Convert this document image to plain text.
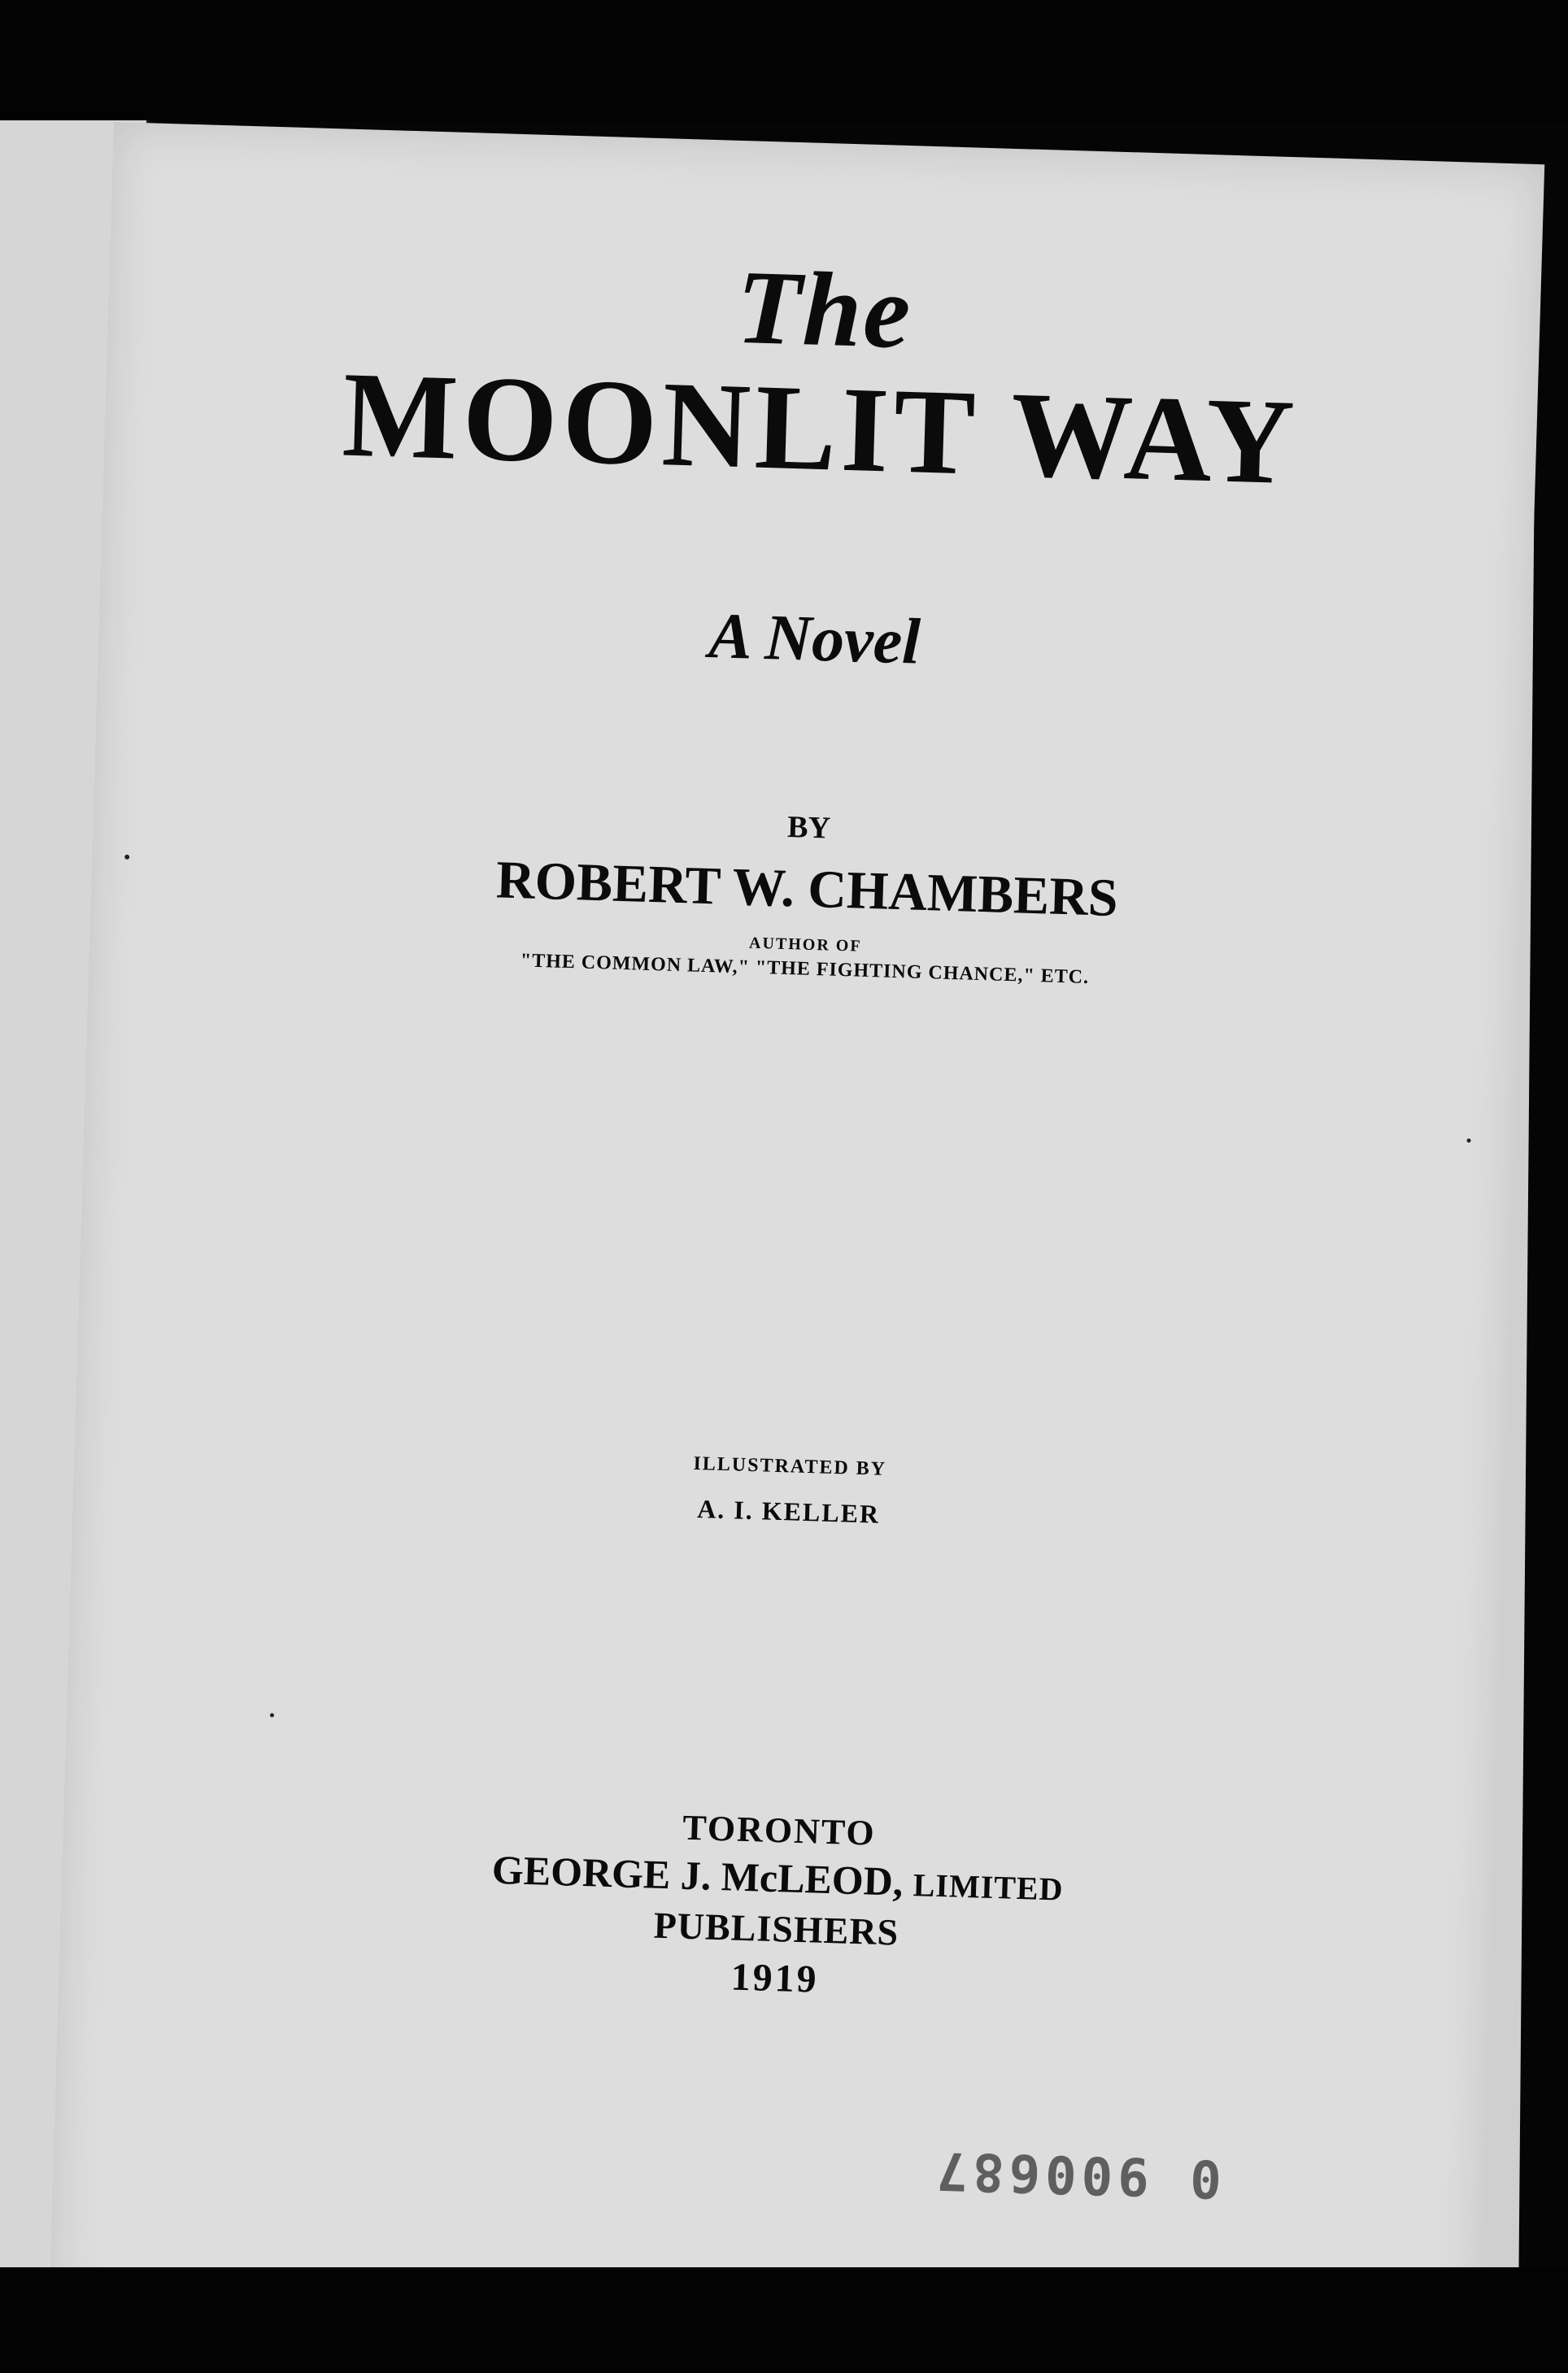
The
MOONLIT WAY
A Novel
BY
ROBERT W. CHAMBERS
AUTHOR OF
"THE COMMON LAW," "THE FIGHTING CHANCE," ETC.
ILLUSTRATED BY
A. I. KELLER
TORONTO
GEORGE J. McLEOD, LIMITED
PUBLISHERS
1919
0 900687
